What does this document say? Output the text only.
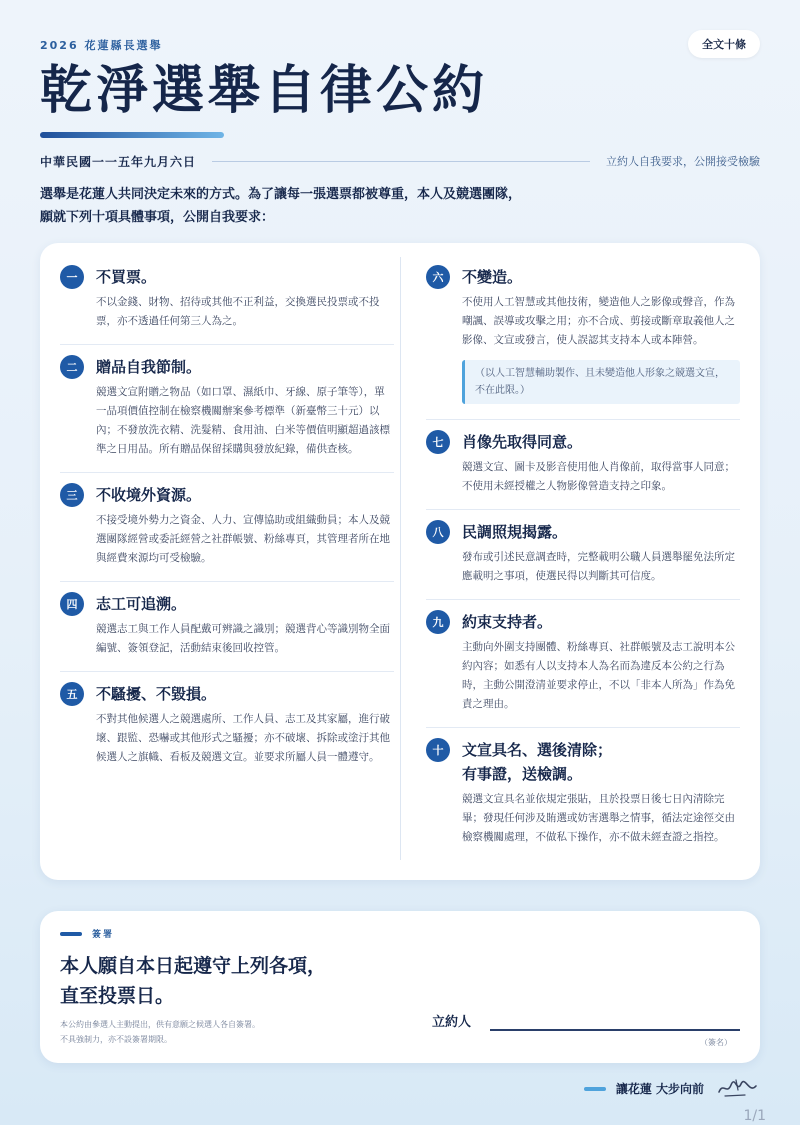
2026 花蓮縣長選舉	全文十條
乾淨選舉自律公約
中華民國一一五年九月六日	立約人自我要求，公開接受檢驗

選舉是花蓮人共同決定未來的方式。為了讓每一張選票都被尊重，本人及競選團隊，

願就下列十項具體事項，公開自我要求：

一	不買票。
不以金錢、財物、招待或其他不正利益，交換選民投票或不投票，亦不透過任何第三人為之。
二	贈品自我節制。
競選文宣附贈之物品（如口罩、濕紙巾、牙線、原子筆等），單一品項價值控制在檢察機關辦案參考標準（新臺幣三十元）以內；不發放洗衣精、洗髮精、食用油、白米等價值明顯超過該標準之日用品。所有贈品保留採購與發放紀錄，備供查核。
三	不收境外資源。
不接受境外勢力之資金、人力、宣傳協助或組織動員；本人及競選團隊經營或委託經營之社群帳號、粉絲專頁，其管理者所在地與經費來源均可受檢驗。
四	志工可追溯。
競選志工與工作人員配戴可辨識之識別；競選背心等識別物全面編號、簽領登記，活動結束後回收控管。
五	不騷擾、不毀損。
不對其他候選人之競選處所、工作人員、志工及其家屬，進行破壞、跟監、恐嚇或其他形式之騷擾；亦不破壞、拆除或塗汙其他候選人之旗幟、看板及競選文宣。並要求所屬人員一體遵守。
六	不變造。
不使用人工智慧或其他技術，變造他人之影像或聲音，作為嘲諷、誤導或攻擊之用；亦不合成、剪接或斷章取義他人之影像、文宣或發言，使人誤認其支持本人或本陣營。
（以人工智慧輔助製作、且未變造他人形象之競選文宣，不在此限。）
七	肖像先取得同意。
競選文宣、圖卡及影音使用他人肖像前，取得當事人同意；不使用未經授權之人物影像營造支持之印象。
八	民調照規揭露。
發布或引述民意調查時，完整載明公職人員選舉罷免法所定應載明之事項，使選民得以判斷其可信度。
九	約束支持者。
主動向外圍支持團體、粉絲專頁、社群帳號及志工說明本公約內容；如悉有人以支持本人為名而為違反本公約之行為時，主動公開澄清並要求停止，不以「非本人所為」作為免責之理由。
十	文宣具名、選後清除；
有事證，送檢調。
競選文宣具名並依規定張貼，且於投票日後七日內清除完畢；發現任何涉及賄選或妨害選舉之情事，循法定途徑交由檢察機關處理，不做私下操作，亦不做未經查證之指控。
簽署
本人願自本日起遵守上列各項，
直至投票日。
本公約由參選人主動提出，供有意願之候選人各自簽署。
不具強制力，亦不設簽署期限。
立約人
（簽名）
讓花蓮 大步向前
1/1
